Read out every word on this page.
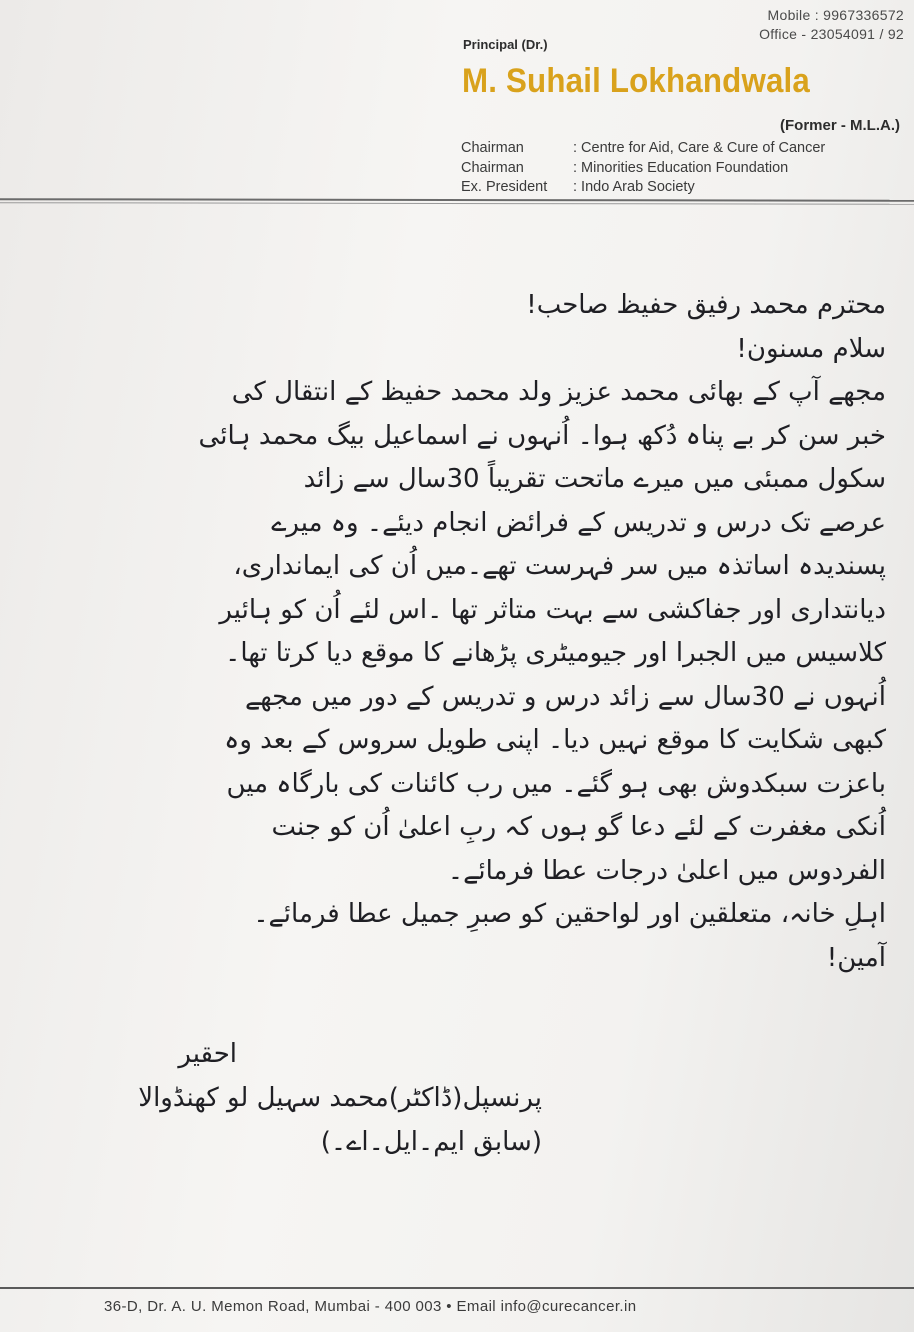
Mobile : 9967336572
Office - 23054091 / 92
Principal (Dr.)
M. Suhail Lokhandwala
(Former - M.L.A.)
Chairman	: Centre for Aid, Care & Cure of Cancer
Chairman	: Minorities Education Foundation
Ex. President	: Indo Arab Society
محترم محمد رفیق حفیظ صاحب!
سلام مسنون!
مجھے آپ کے بھائی محمد عزیز ولد محمد حفیظ کے انتقال کی
خبر سن کر بے پناہ دُکھ ہوا۔ اُنہوں نے اسماعیل بیگ محمد ہائی
سکول ممبئی میں میرے ماتحت تقریباً 30سال سے زائد
عرصے تک درس و تدریس کے فرائض انجام دیئے۔ وہ میرے
پسندیدہ اساتذہ میں سر فہرست تھے۔میں اُن کی ایمانداری،
دیانتداری اور جفاکشی سے بہت متاثر تھا ۔اس لئے اُن کو ہائیر
کلاسیس میں الجبرا اور جیومیٹری پڑھانے کا موقع دیا کرتا تھا۔
اُنہوں نے 30سال سے زائد درس و تدریس کے دور میں مجھے
کبھی شکایت کا موقع نہیں دیا۔ اپنی طویل سروس کے بعد وہ
باعزت سبکدوش بھی ہو گئے۔ میں رب کائنات کی بارگاہ میں
اُنکی مغفرت کے لئے دعا گو ہوں کہ ربِ اعلیٰ اُن کو جنت
الفردوس میں اعلیٰ درجات عطا فرمائے۔
اہلِ خانہ، متعلقین اور لواحقین کو صبرِ جمیل عطا فرمائے۔
آمین!
احقیر
پرنسپل(ڈاکٹر)محمد سہیل لو کھنڈوالا
(سابق ایم۔ایل۔اے۔)
36-D, Dr. A. U. Memon Road, Mumbai - 400 003 • Email info@curecancer.in
